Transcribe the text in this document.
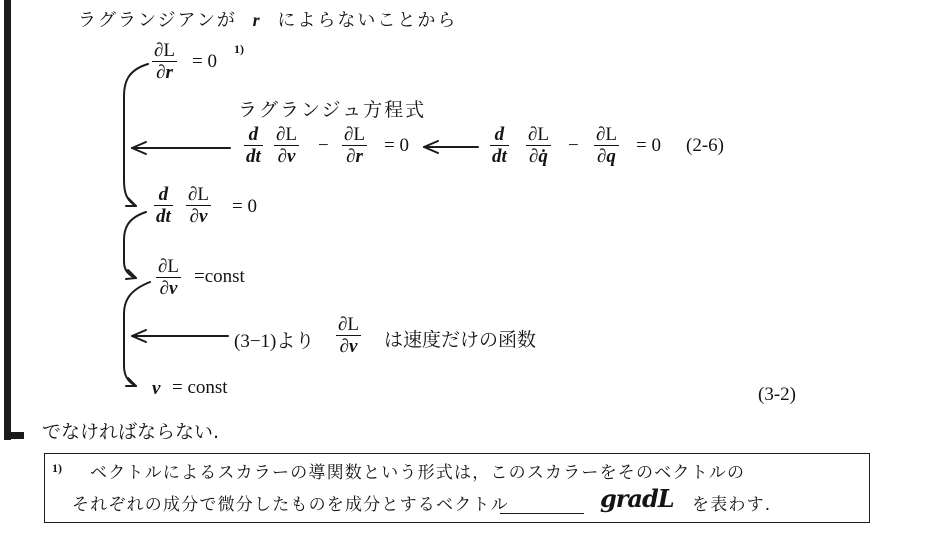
ラグランジアンが r によらないことから
∂L
∂r
= 0
1)
ラグランジュ方程式
d
dt
∂L
∂v
−
∂L
∂r
= 0
d
dt
∂L
∂q̇
−
∂L
∂q
= 0 (2-6)
d
dt
∂L
∂v = 0
∂L
∂v
=const
(3−1)より
∂L
∂v は速度だけの函数
v = const	(3-2)
でなければならない.
1) ベクトルによるスカラーの導関数という形式は，このスカラーをそのベクトルの
それぞれの成分で微分したものを成分とするベクトル	gradL を表わす.
